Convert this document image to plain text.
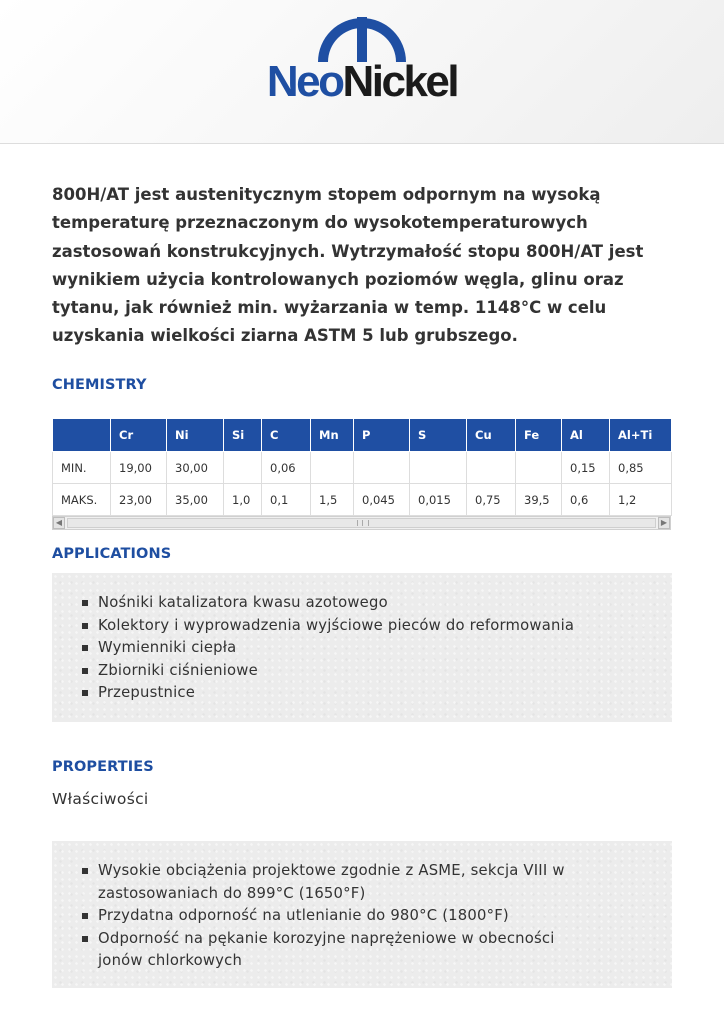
NeoNickel

800H/AT jest austenitycznym stopem odpornym na wysoką temperaturę przeznaczonym do wysokotemperaturowych zastosowań konstrukcyjnych. Wytrzymałość stopu 800H/AT jest wynikiem użycia kontrolowanych poziomów węgla, glinu oraz tytanu, jak również min. wyżarzania w temp. 1148°C w celu uzyskania wielkości ziarna ASTM 5 lub grubszego.

CHEMISTRY
	Cr	Ni	Si	C	Mn	P	S	Cu	Fe	Al	Al+Ti
MIN.	19,00	30,00		0,06						0,15	0,85
MAKS.	23,00	35,00	1,0	0,1	1,5	0,045	0,015	0,75	39,5	0,6	1,2
◀	▶
APPLICATIONS
Nośniki katalizatora kwasu azotowego
Kolektory i wyprowadzenia wyjściowe pieców do reformowania
Wymienniki ciepła
Zbiorniki ciśnieniowe
Przepustnice
PROPERTIES

Właściwości

Wysokie obciążenia projektowe zgodnie z ASME, sekcja VIII w zastosowaniach do 899°C (1650°F)
Przydatna odporność na utlenianie do 980°C (1800°F)
Odporność na pękanie korozyjne naprężeniowe w obecności jonów chlorkowych
